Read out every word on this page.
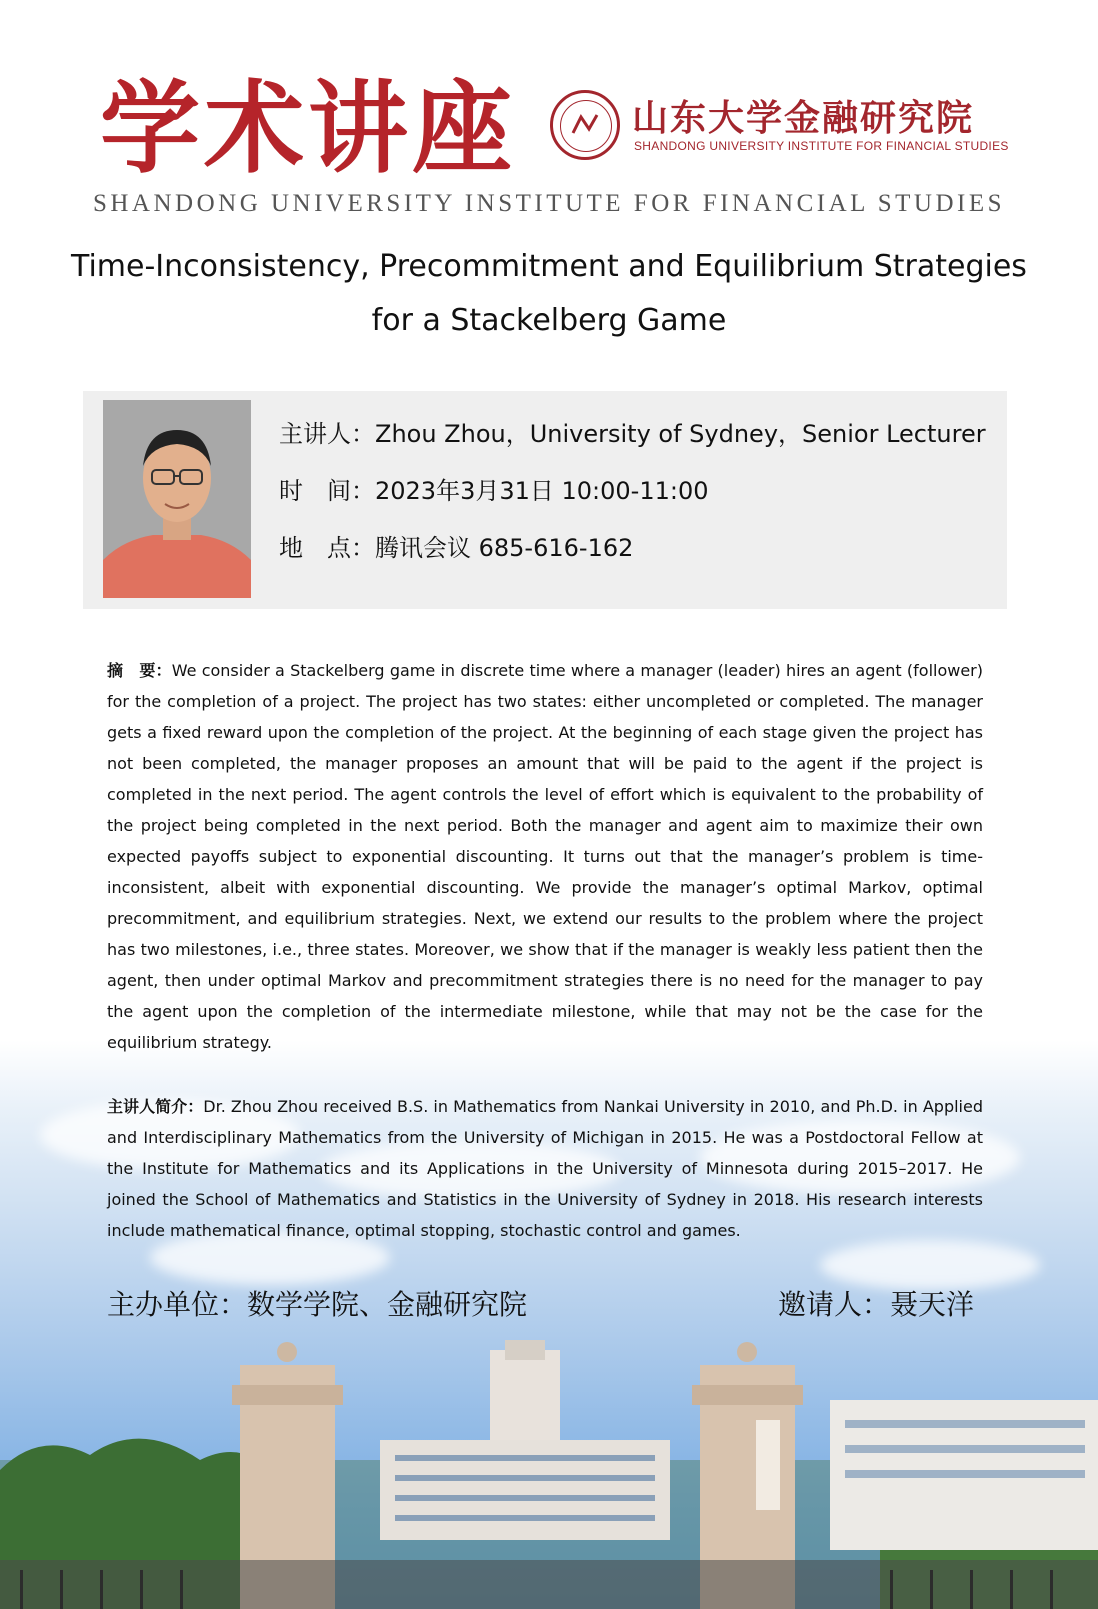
学术讲座	山东大学金融研究院
SHANDONG UNIVERSITY INSTITUTE FOR FINANCIAL STUDIES
SHANDONG UNIVERSITY INSTITUTE FOR FINANCIAL STUDIES
Time-Inconsistency, Precommitment and Equilibrium Strategies
for a Stackelberg Game
主讲人：Zhou Zhou，University of Sydney，Senior Lecturer
时　间：2023年3月31日 10:00-11:00
地　点：腾讯会议 685-616-162
摘　要：We consider a Stackelberg game in discrete time where a manager (leader) hires an agent (follower) for the completion of a project. The project has two states: either uncompleted or completed. The manager gets a fixed reward upon the completion of the project. At the beginning of each stage given the project has not been completed, the manager proposes an amount that will be paid to the agent if the project is completed in the next period. The agent controls the level of effort which is equivalent to the probability of the project being completed in the next period. Both the manager and agent aim to maximize their own expected payoffs subject to exponential discounting. It turns out that the manager’s problem is time-inconsistent, albeit with exponential discounting. We provide the manager’s optimal Markov, optimal precommitment, and equilibrium strategies. Next, we extend our results to the problem where the project has two milestones, i.e., three states. Moreover, we show that if the manager is weakly less patient then the agent, then under optimal Markov and precommitment strategies there is no need for the manager to pay the agent upon the completion of the intermediate milestone, while that may not be the case for the equilibrium strategy.
主讲人简介：Dr. Zhou Zhou received B.S. in Mathematics from Nankai University in 2010, and Ph.D. in Applied and Interdisciplinary Mathematics from the University of Michigan in 2015. He was a Postdoctoral Fellow at the Institute for Mathematics and its Applications in the University of Minnesota during 2015–2017. He joined the School of Mathematics and Statistics in the University of Sydney in 2018. His research interests include mathematical finance, optimal stopping, stochastic control and games.
主办单位：数学学院、金融研究院	邀请人：聂天洋
